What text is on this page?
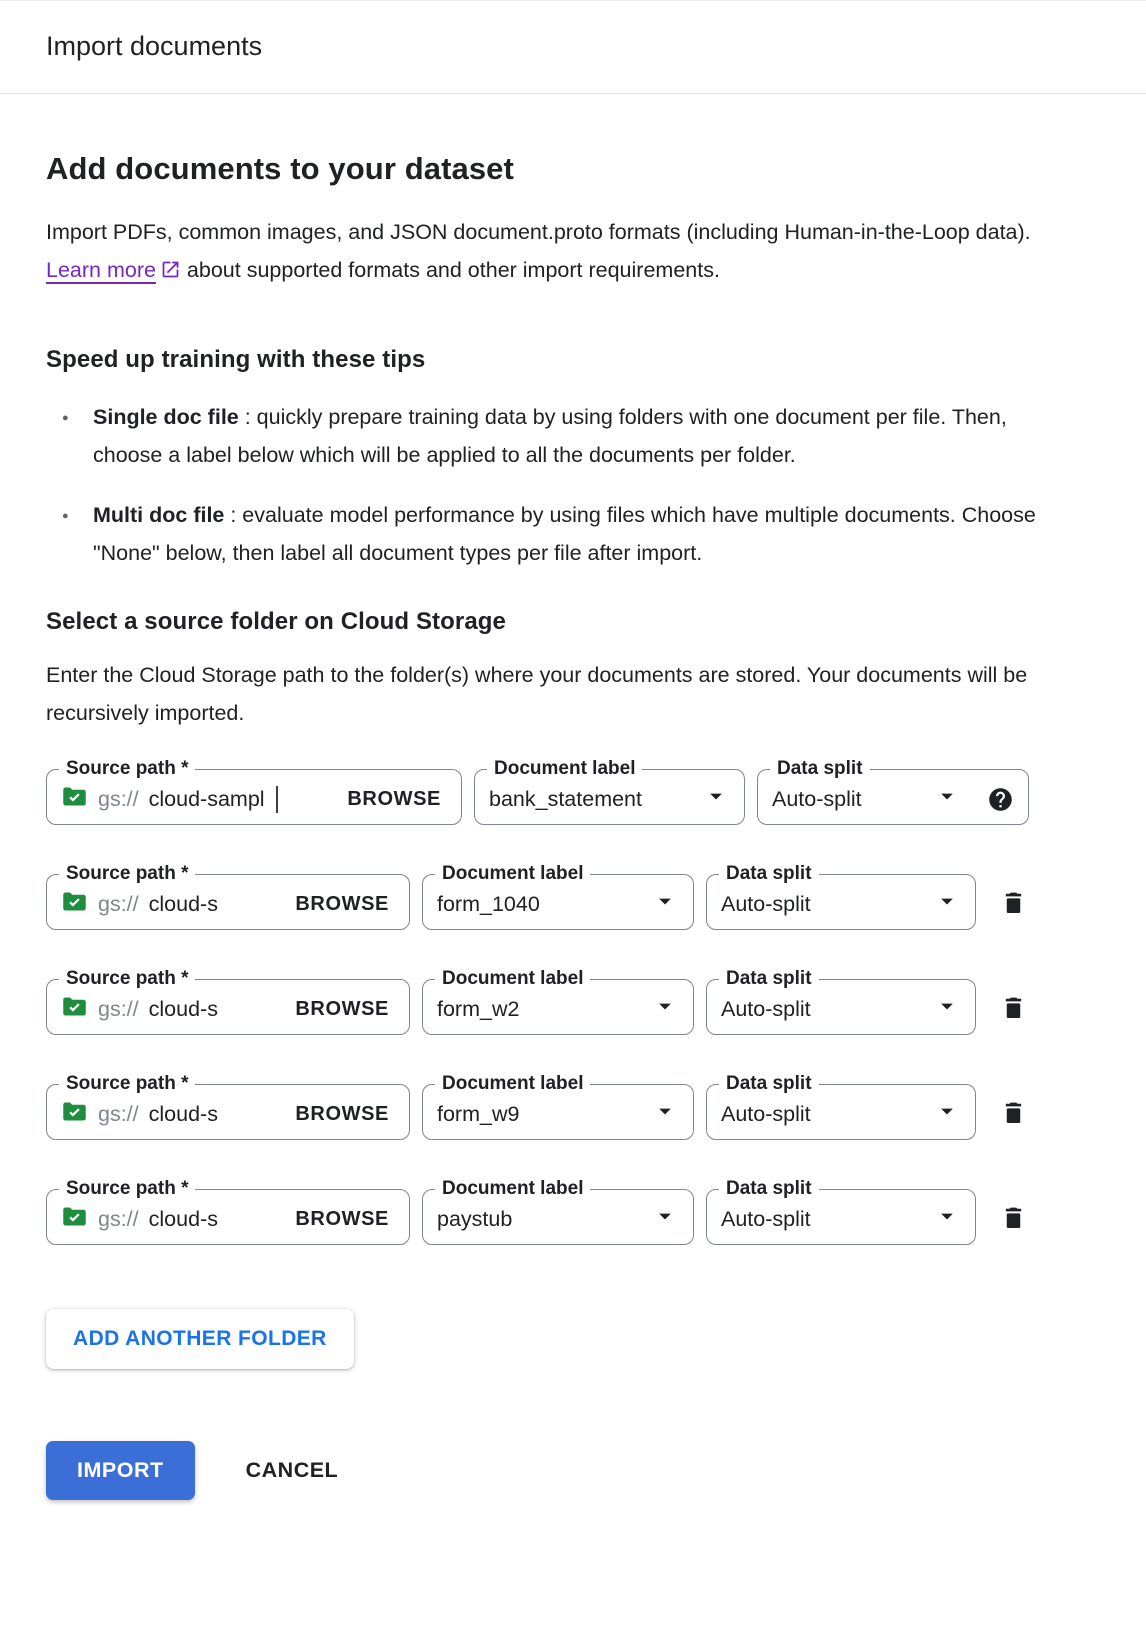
Import documents
Add documents to your dataset

Import PDFs, common images, and JSON document.proto formats (including Human-in-the-Loop data). Learn more about supported formats and other import requirements.

Speed up training with these tips
● Single doc file : quickly prepare training data by using folders with one document per file. Then, choose a label below which will be applied to all the documents per folder.
● Multi doc file : evaluate model performance by using files which have multiple documents. Choose "None" below, then label all document types per file after import.
Select a source folder on Cloud Storage

Enter the Cloud Storage path to the folder(s) where your documents are stored. Your documents will be recursively imported.

Source path *
gs:// cloud-sampl	BROWSE
Document label
bank_statement
Data split
Auto-split
Source path *
gs:// cloud-s	BROWSE
Document label
form_1040
Data split
Auto-split
Source path *
gs:// cloud-s	BROWSE
Document label
form_w2
Data split
Auto-split
Source path *
gs:// cloud-s	BROWSE
Document label
form_w9
Data split
Auto-split
Source path *
gs:// cloud-s	BROWSE
Document label
paystub
Data split
Auto-split
ADD ANOTHER FOLDER
IMPORT	CANCEL
